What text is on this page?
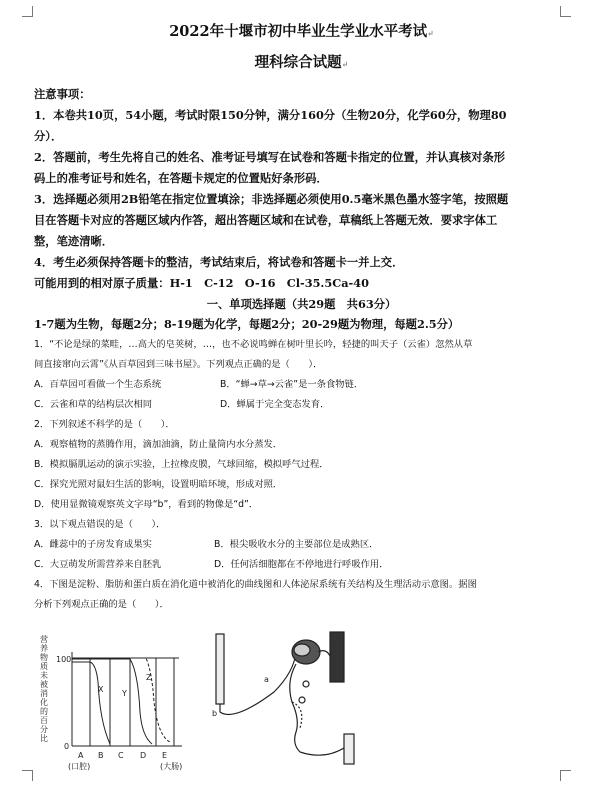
2022年十堰市初中毕业生学业水平考试↵
理科综合试题↵

注意事项：

1．本卷共10页，54小题，考试时限150分钟，满分160分（生物20分，化学60分，物理80

分）．

2．答题前，考生先将自己的姓名、准考证号填写在试卷和答题卡指定的位置，并认真核对条形

码上的准考证号和姓名，在答题卡规定的位置贴好条形码．

3．选择题必须用2B铅笔在指定位置填涂；非选择题必须使用0.5毫米黑色墨水签字笔，按照题

目在答题卡对应的答题区域内作答，超出答题区域和在试卷，草稿纸上答题无效．要求字体工

整，笔迹清晰．

4．考生必须保持答题卡的整洁，考试结束后，将试卷和答题卡一并上交．

可能用到的相对原子质量：H-1　C-12　O-16　Cl-35.5Ca-40

一、单项选择题（共29题　共63分）

1-7题为生物，每题2分；8-19题为化学，每题2分；20-29题为物理，每题2.5分）

1．“不论是绿的菜畦，…高大的皂荚树，…，也不必说鸣蝉在树叶里长吟，轻捷的叫天子（云雀）忽然从草

间直接窜向云霄”《从百草园到三味书屋》。下列观点正确的是（　　）．

A．百草园可看做一个生态系统	B．“蝉→草→云雀”是一条食物链．
C．云雀和草的结构层次相同	D．蝉属于完全变态发育．

2．下列叙述不科学的是（　　）．

A．观察植物的蒸腾作用，滴加油滴，防止量筒内水分蒸发．

B．模拟膈肌运动的演示实验，上拉橡皮膜，气球回缩，模拟呼气过程．

C．探究光照对鼠妇生活的影响，设置明暗环境，形成对照．

D．使用显微镜观察英文字母“b”，看到的物像是“d”．

3．以下观点错误的是（　　）．

A．雌蕊中的子房发育成果实	B．根尖吸收水分的主要部位是成熟区．
C．大豆萌发所需营养来自胚乳	D．任何活细胞都在不停地进行呼吸作用．

4．下图是淀粉、脂肪和蛋白质在消化道中被消化的曲线图和人体泌尿系统有关结构及生理活动示意图。据图

分析下列观点正确的是（　　）．

营
养
物
质
未
被
消
化
的
百
分
比
100
0
X Y
Z
A B C D E
(口腔)	(大肠)
a
b
